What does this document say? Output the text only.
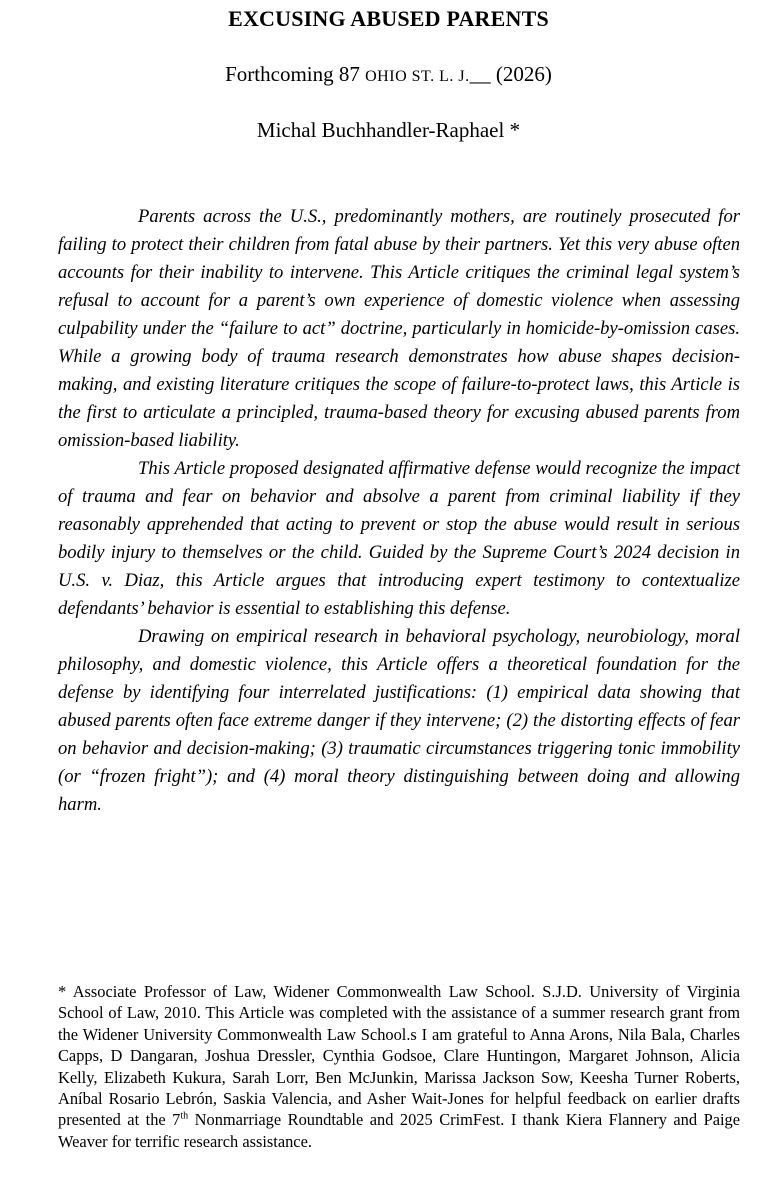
EXCUSING ABUSED PARENTS
Forthcoming 87 OHIO ST. L. J.__ (2026)
Michal Buchhandler-Raphael *

Parents across the U.S., predominantly mothers, are routinely prosecuted for failing to protect their children from fatal abuse by their partners. Yet this very abuse often accounts for their inability to intervene. This Article critiques the criminal legal system’s refusal to account for a parent’s own experience of domestic violence when assessing culpability under the “failure to act” doctrine, particularly in homicide-by-omission cases. While a growing body of trauma research demonstrates how abuse shapes decision-making, and existing literature critiques the scope of failure-to-protect laws, this Article is the first to articulate a principled, trauma-based theory for excusing abused parents from omission-based liability.

This Article proposed designated affirmative defense would recognize the impact of trauma and fear on behavior and absolve a parent from criminal liability if they reasonably apprehended that acting to prevent or stop the abuse would result in serious bodily injury to themselves or the child. Guided by the Supreme Court’s 2024 decision in U.S. v. Diaz, this Article argues that introducing expert testimony to contextualize defendants’ behavior is essential to establishing this defense.

Drawing on empirical research in behavioral psychology, neurobiology, moral philosophy, and domestic violence, this Article offers a theoretical foundation for the defense by identifying four interrelated justifications: (1) empirical data showing that abused parents often face extreme danger if they intervene; (2) the distorting effects of fear on behavior and decision-making; (3) traumatic circumstances triggering tonic immobility (or “frozen fright”); and (4) moral theory distinguishing between doing and allowing harm.

* Associate Professor of Law, Widener Commonwealth Law School. S.J.D. University of Virginia School of Law, 2010. This Article was completed with the assistance of a summer research grant from the Widener University Commonwealth Law School.s I am grateful to Anna Arons, Nila Bala, Charles Capps, D Dangaran, Joshua Dressler, Cynthia Godsoe, Clare Huntingon, Margaret Johnson, Alicia Kelly, Elizabeth Kukura, Sarah Lorr, Ben McJunkin, Marissa Jackson Sow, Keesha Turner Roberts, Aníbal Rosario Lebrón, Saskia Valencia, and Asher Wait-Jones for helpful feedback on earlier drafts presented at the 7th Nonmarriage Roundtable and 2025 CrimFest. I thank Kiera Flannery and Paige Weaver for terrific research assistance.
